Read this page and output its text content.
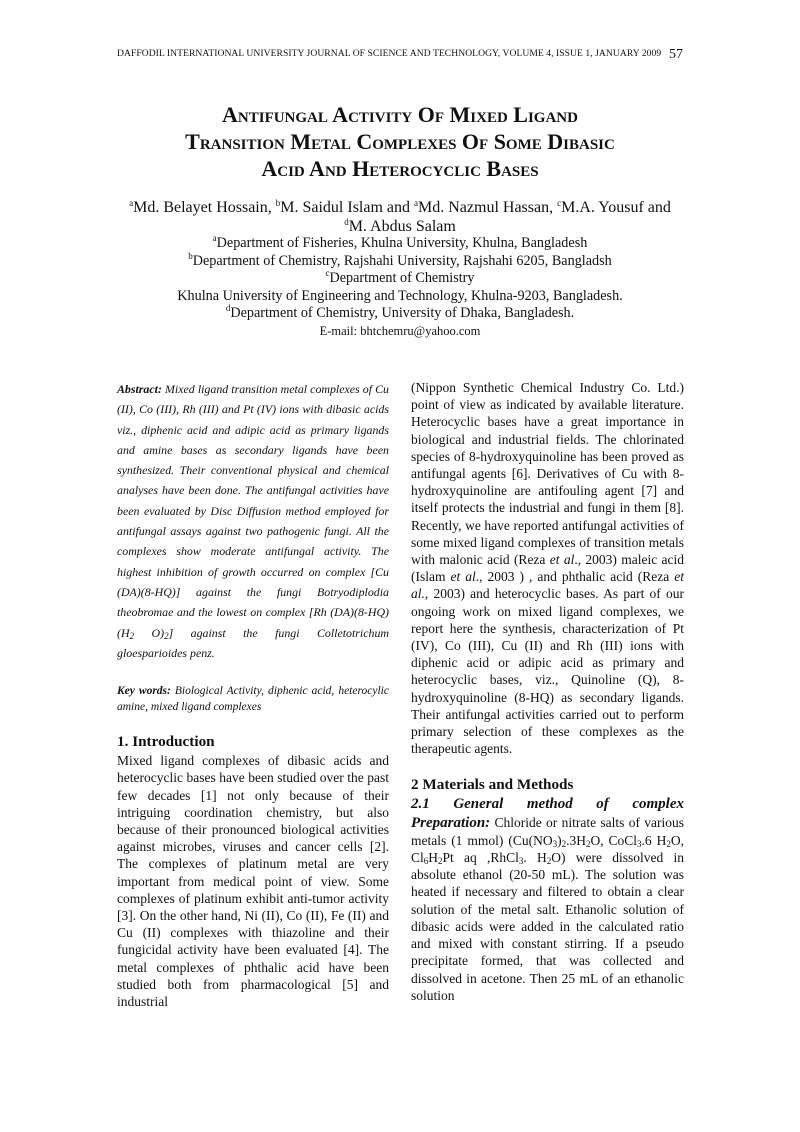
DAFFODIL INTERNATIONAL UNIVERSITY JOURNAL OF SCIENCE AND TECHNOLOGY, VOLUME 4, ISSUE 1, JANUARY 2009 57
Antifungal Activity Of Mixed Ligand
Transition Metal Complexes Of Some Dibasic
Acid And Heterocyclic Bases
$^a$Md. Belayet Hossain, $^b$M. Saidul Islam and $^a$Md. Nazmul Hassan, $^c$M.A. Yousuf and
$^d$M. Abdus Salam
$^a$Department of Fisheries, Khulna University, Khulna, Bangladesh
$^b$Department of Chemistry, Rajshahi University, Rajshahi 6205, Bangladsh
$^c$Department of Chemistry
Khulna University of Engineering and Technology, Khulna-9203, Bangladesh.
$^d$Department of Chemistry, University of Dhaka, Bangladesh.
E-mail: bhtchemru@yahoo.com

Abstract: Mixed ligand transition metal complexes of Cu (II), Co (III), Rh (III) and Pt (IV) ions with dibasic acids viz., diphenic acid and adipic acid as primary ligands and amine bases as secondary ligands have been synthesized. Their conventional physical and chemical analyses have been done. The antifungal activities have been evaluated by Disc Diffusion method employed for antifungal assays against two pathogenic fungi. All the complexes show moderate antifungal activity. The highest inhibition of growth occurred on complex [Cu (DA)(8-HQ)] against the fungi Botryodiplodia theobromae and the lowest on complex [Rh $(DA)(8-HQ)(H_2$ $O)_2$] against the fungi Colletotrichum gloesparioides penz.

Key words: Biological Activity, diphenic acid, heterocylic amine, mixed ligand complexes

1. Introduction

Mixed ligand complexes of dibasic acids and heterocyclic bases have been studied over the past few decades [1] not only because of their intriguing coordination chemistry, but also because of their pronounced biological activities against microbes, viruses and cancer cells [2]. The complexes of platinum metal are very important from medical point of view. Some complexes of platinum exhibit anti-tumor activity [3]. On the other hand, Ni (II), Co (II), Fe (II) and Cu (II) complexes with thiazoline and their fungicidal activity have been evaluated [4]. The metal complexes of phthalic acid have been studied both from pharmacological [5] and industrial

(Nippon Synthetic Chemical Industry Co. Ltd.) point of view as indicated by available literature. Heterocyclic bases have a great importance in biological and industrial fields. The chlorinated species of 8-hydroxyquinoline has been proved as antifungal agents [6]. Derivatives of Cu with 8-hydroxyquinoline are antifouling agent [7] and itself protects the industrial and fungi in them [8]. Recently, we have reported antifungal activities of some mixed ligand complexes of transition metals with malonic acid (Reza et al., 2003) maleic acid (Islam et al., 2003 ) , and phthalic acid (Reza et al., 2003) and heterocyclic bases. As part of our ongoing work on mixed ligand complexes, we report here the synthesis, characterization of Pt (IV), Co (III), Cu (II) and Rh (III) ions with diphenic acid or adipic acid as primary and heterocyclic bases, viz., Quinoline (Q), 8-hydroxyquinoline (8-HQ) as secondary ligands. Their antifungal activities carried out to perform primary selection of these complexes as the therapeutic agents.

2 Materials and Methods

2.1 General method of complex Preparation: Chloride or nitrate salts of various metals (1 mmol) ($Cu(NO_3)_2.3H_2O$, CoCl$_3$.6 $H_2O$, $Cl_6H_2Pt$ aq ,RhCl$_3$. $H_2O$) were dissolved in absolute ethanol (20-50 mL). The solution was heated if necessary and filtered to obtain a clear solution of the metal salt. Ethanolic solution of dibasic acids were added in the calculated ratio and mixed with constant stirring. If a pseudo precipitate formed, that was collected and dissolved in acetone. Then 25 mL of an ethanolic solution
